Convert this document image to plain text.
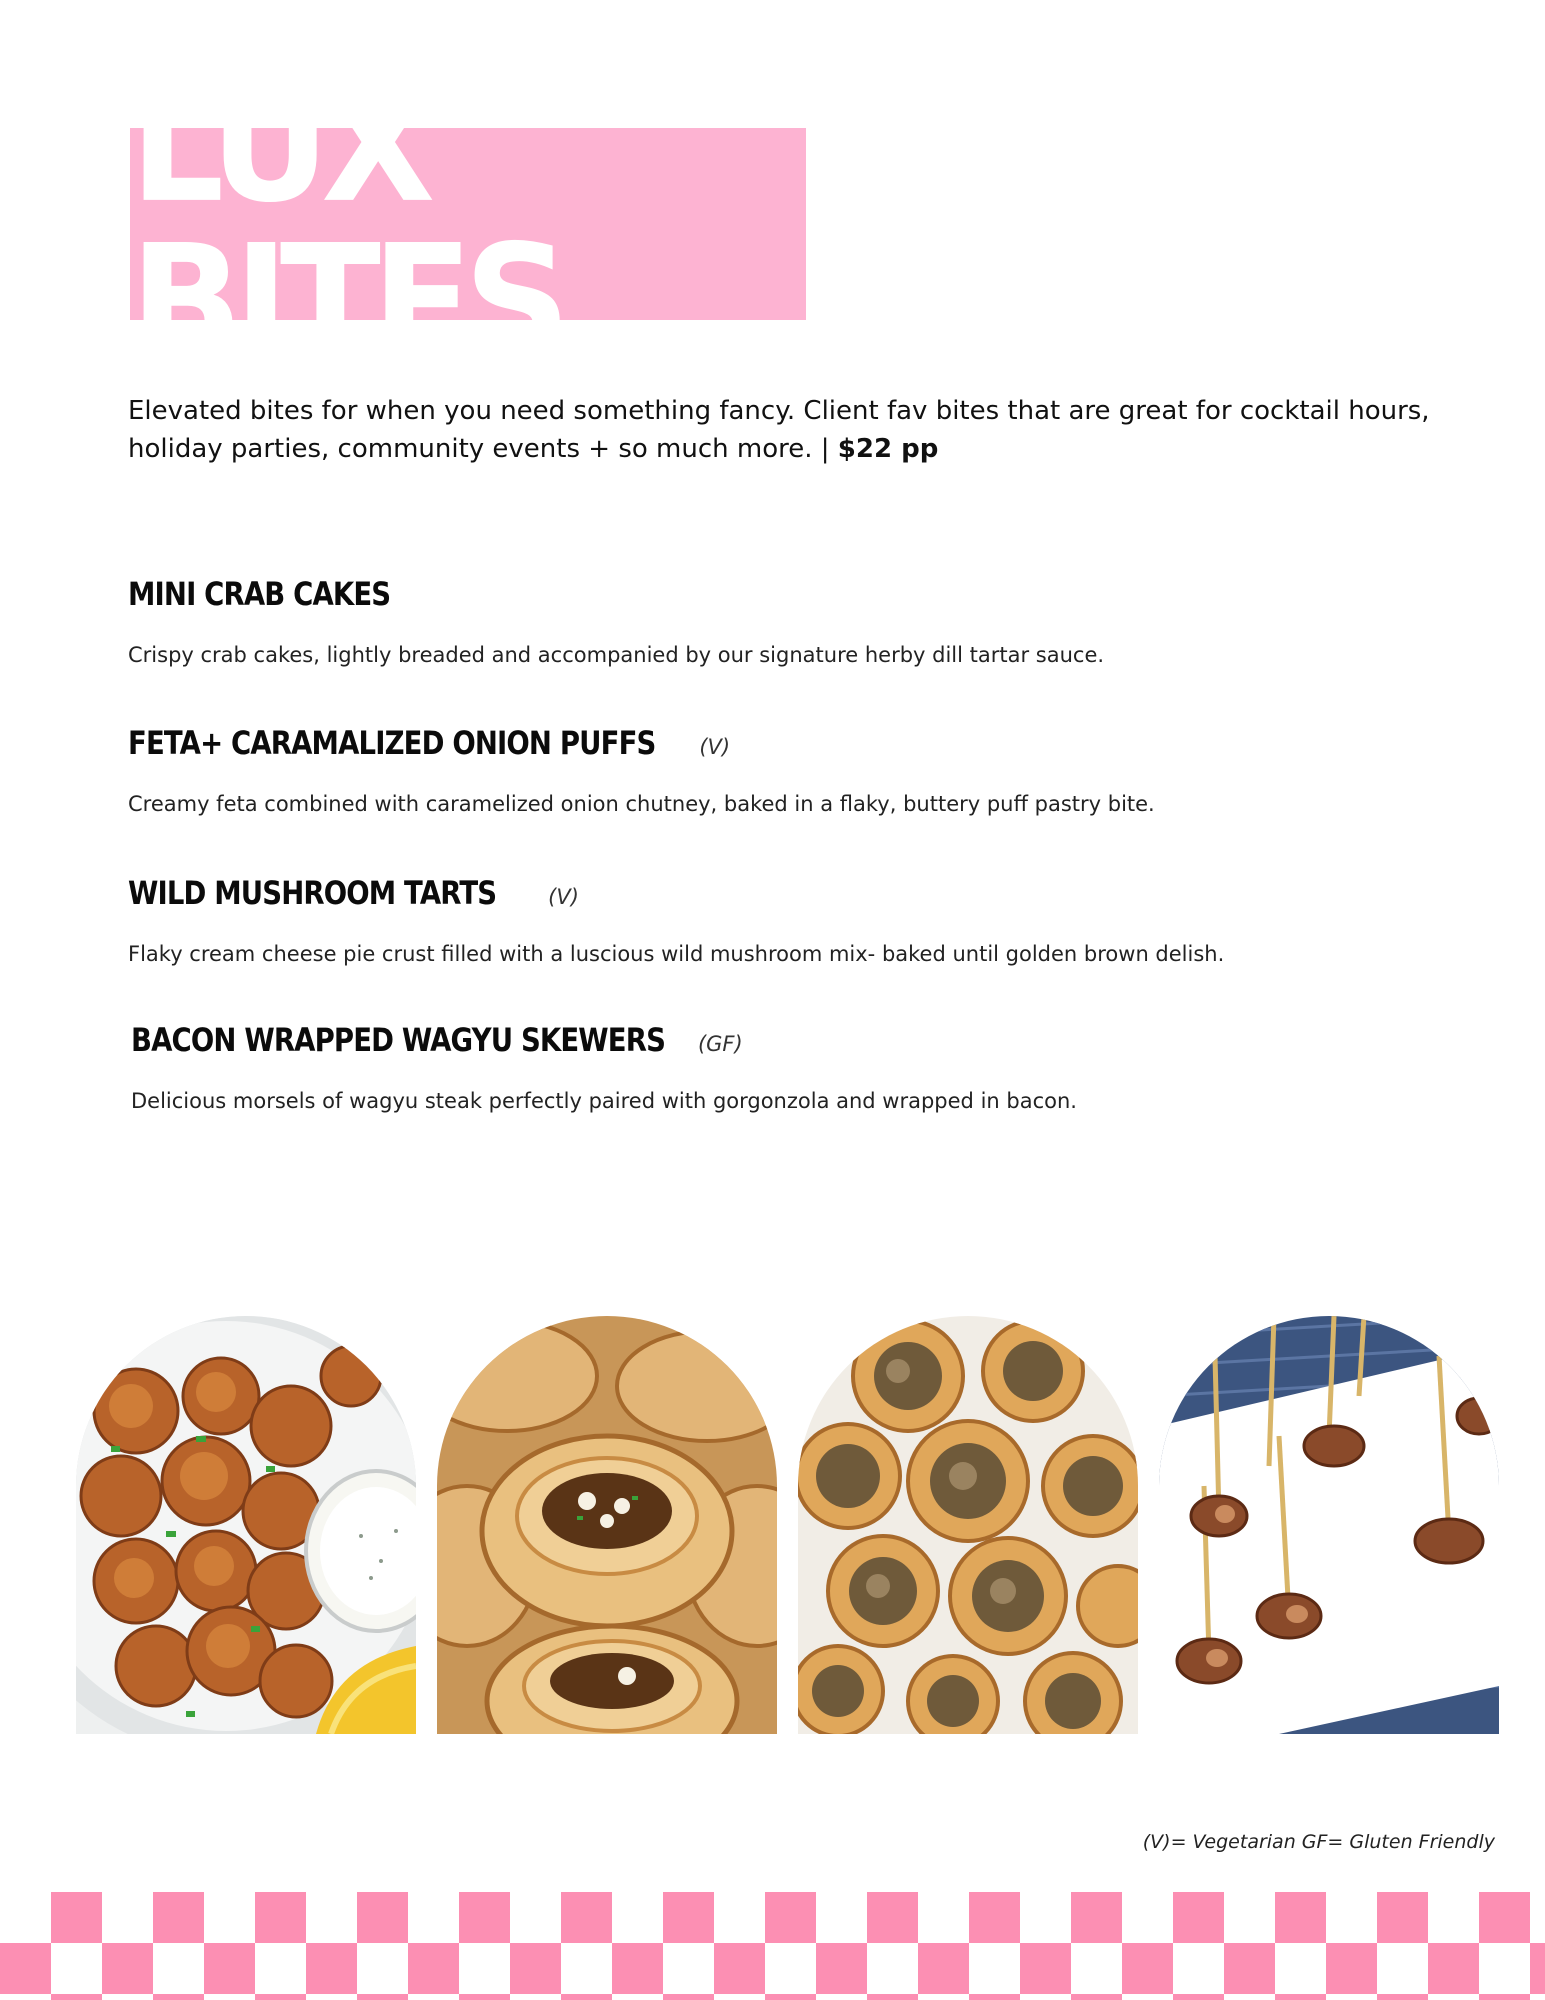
LUX BITES

Elevated bites for when you need something fancy. Client fav bites that are great for cocktail hours, holiday parties, community events + so much more. | $22 pp

MINI CRAB CAKES
Crispy crab cakes, lightly breaded and accompanied by our signature herby dill tartar sauce.
FETA+ CARAMALIZED ONION PUFFS (V)
Creamy feta combined with caramelized onion chutney, baked in a flaky, buttery puff pastry bite.
WILD MUSHROOM TARTS (V)
Flaky cream cheese pie crust filled with a luscious wild mushroom mix- baked until golden brown delish.
BACON WRAPPED WAGYU SKEWERS (GF)
Delicious morsels of wagyu steak perfectly paired with gorgonzola and wrapped in bacon.
(V)= Vegetarian GF= Gluten Friendly
